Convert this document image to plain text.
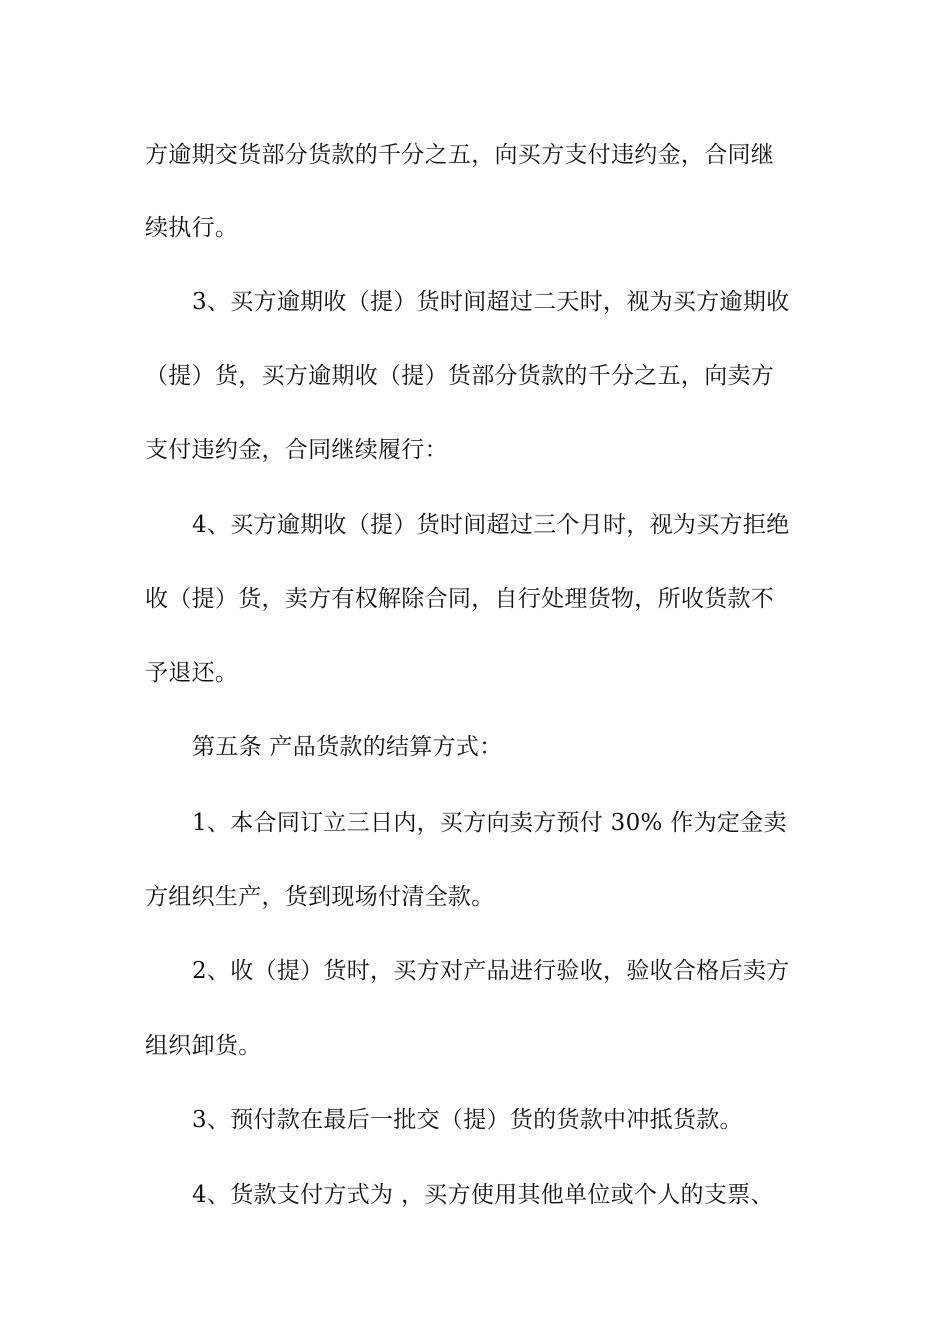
方逾期交货部分货款的千分之五，向买方支付违约金，合同继
续执行。
3、买方逾期收（提）货时间超过二天时，视为买方逾期收
（提）货，买方逾期收（提）货部分货款的千分之五，向卖方
支付违约金，合同继续履行：
4、买方逾期收（提）货时间超过三个月时，视为买方拒绝
收（提）货，卖方有权解除合同，自行处理货物，所收货款不
予退还。
第五条 产品货款的结算方式：
1、本合同订立三日内，买方向卖方预付 30% 作为定金卖
方组织生产，货到现场付清全款。
2、收（提）货时，买方对产品进行验收，验收合格后卖方
组织卸货。
3、预付款在最后一批交（提）货的货款中冲抵货款。
4、货款支付方式为 ，买方使用其他单位或个人的支票、
